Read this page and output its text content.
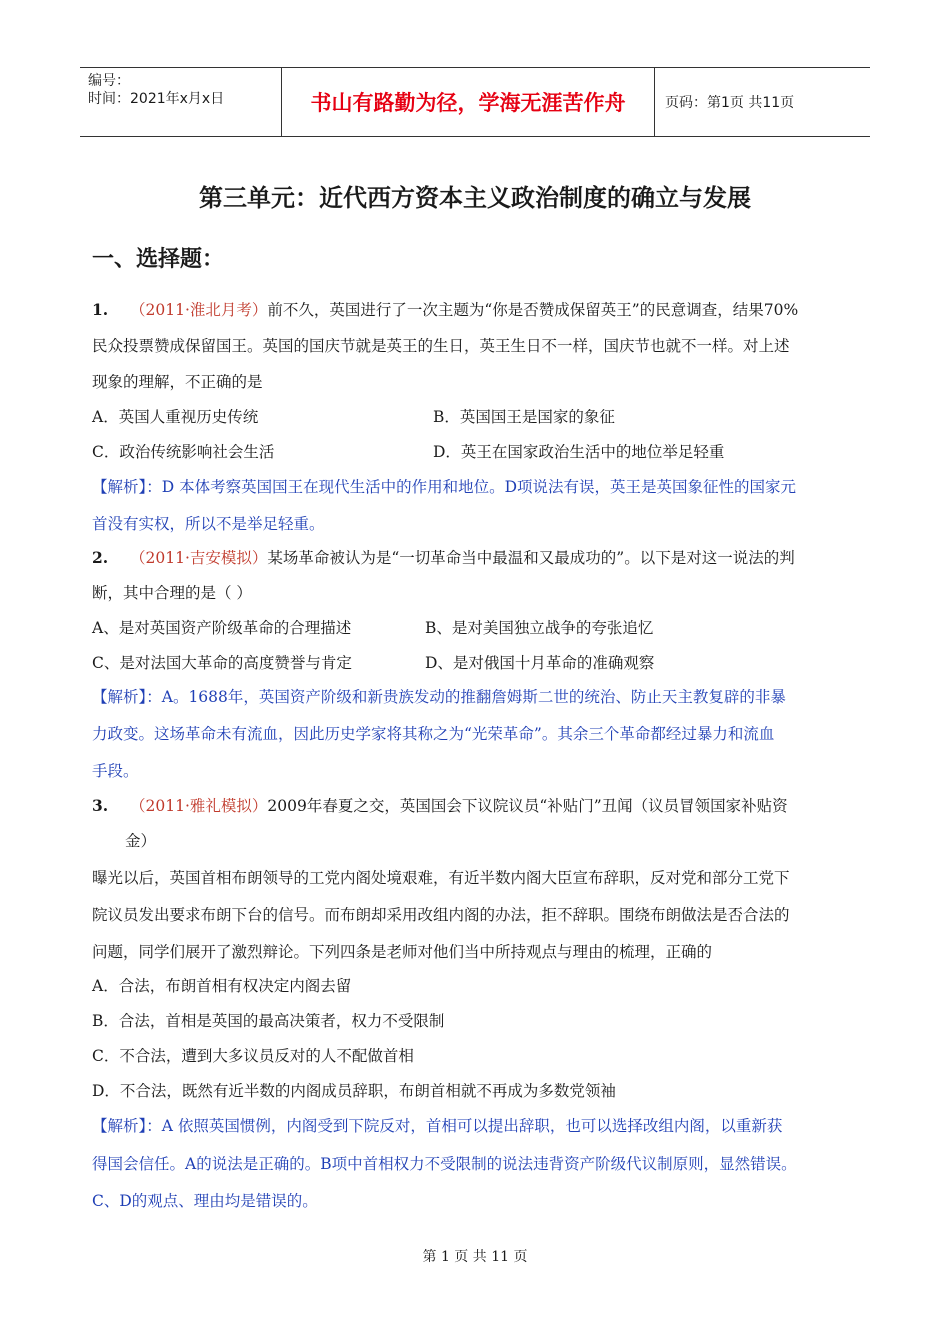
编号：
时间：2021年x月x日	书山有路勤为径，学海无涯苦作舟	页码：第1页 共11页
第三单元：近代西方资本主义政治制度的确立与发展
一、选择题：
1. （2011·淮北月考）前不久，英国进行了一次主题为“你是否赞成保留英王”的民意调查，结果70%
民众投票赞成保留国王。英国的国庆节就是英王的生日，英王生日不一样，国庆节也就不一样。对上述
现象的理解，不正确的是
A．英国人重视历史传统	B．英国国王是国家的象征
C．政治传统影响社会生活	D．英王在国家政治生活中的地位举足轻重
【解析】：D 本体考察英国国王在现代生活中的作用和地位。D项说法有误，英王是英国象征性的国家元
首没有实权，所以不是举足轻重。
2. （2011·吉安模拟）某场革命被认为是“一切革命当中最温和又最成功的”。以下是对这一说法的判
断，其中合理的是（ ）
A、是对英国资产阶级革命的合理描述	B、是对美国独立战争的夸张追忆
C、是对法国大革命的高度赞誉与肯定	D、是对俄国十月革命的准确观察
【解析】：A。1688年，英国资产阶级和新贵族发动的推翻詹姆斯二世的统治、防止天主教复辟的非暴
力政变。这场革命未有流血，因此历史学家将其称之为“光荣革命”。其余三个革命都经过暴力和流血
手段。
3. （2011·雅礼模拟）2009年春夏之交，英国国会下议院议员“补贴门”丑闻（议员冒领国家补贴资
金）
曝光以后，英国首相布朗领导的工党内阁处境艰难，有近半数内阁大臣宣布辞职，反对党和部分工党下
院议员发出要求布朗下台的信号。而布朗却采用改组内阁的办法，拒不辞职。围绕布朗做法是否合法的
问题，同学们展开了激烈辩论。下列四条是老师对他们当中所持观点与理由的梳理，正确的
A．合法，布朗首相有权决定内阁去留
B．合法，首相是英国的最高决策者，权力不受限制
C．不合法，遭到大多议员反对的人不配做首相
D．不合法，既然有近半数的内阁成员辞职，布朗首相就不再成为多数党领袖
【解析】：A 依照英国惯例，内阁受到下院反对，首相可以提出辞职，也可以选择改组内阁，以重新获
得国会信任。A的说法是正确的。B项中首相权力不受限制的说法违背资产阶级代议制原则，显然错误。
C、D的观点、理由均是错误的。
第 1 页 共 11 页
